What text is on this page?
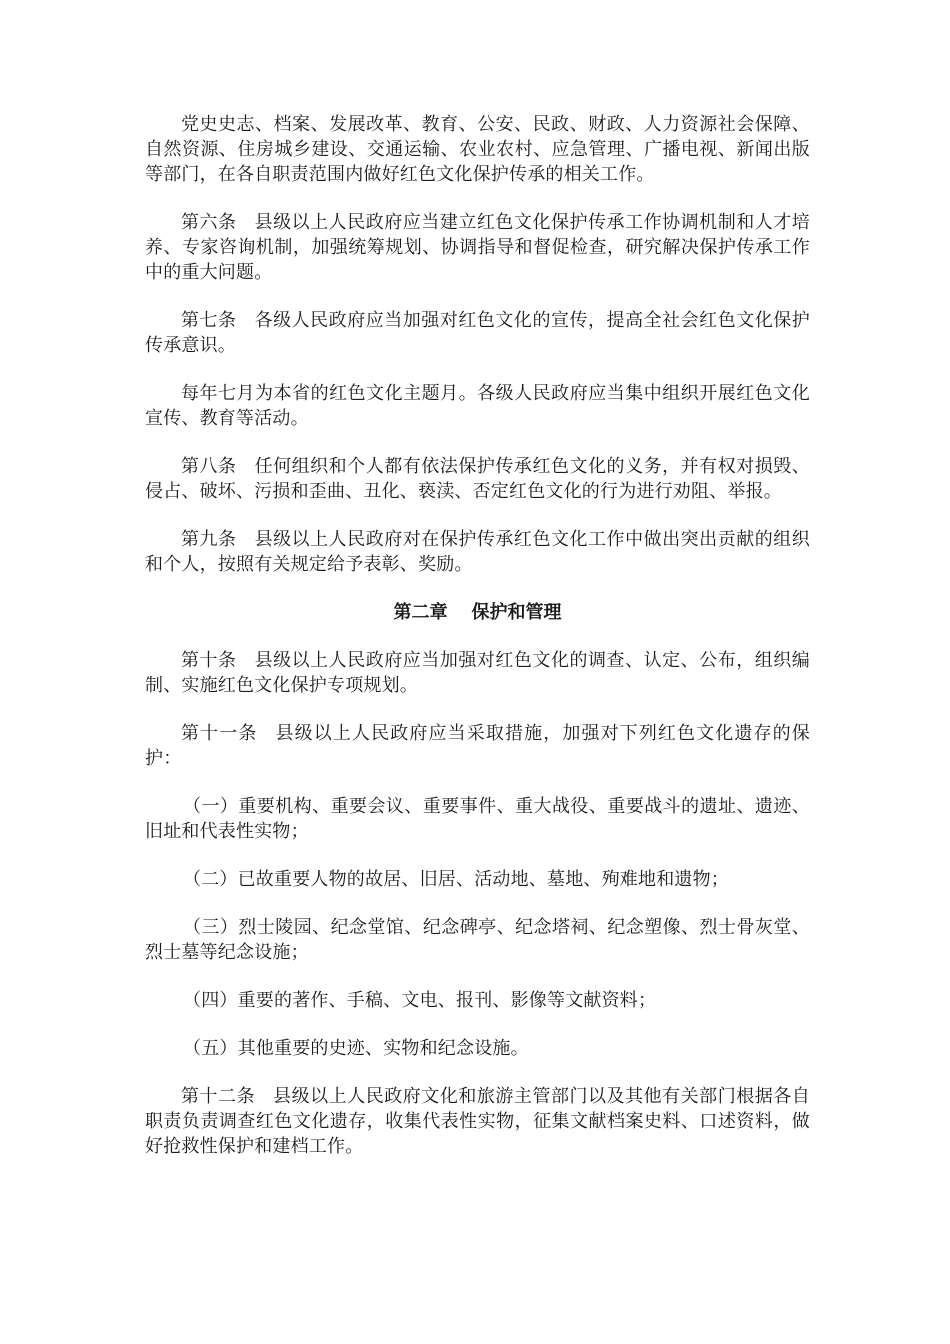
党史史志、档案、发展改革、教育、公安、民政、财政、人力资源社会保障、自然资源、住房城乡建设、交通运输、农业农村、应急管理、广播电视、新闻出版等部门，在各自职责范围内做好红色文化保护传承的相关工作。

第六条 县级以上人民政府应当建立红色文化保护传承工作协调机制和人才培养、专家咨询机制，加强统筹规划、协调指导和督促检查，研究解决保护传承工作中的重大问题。

第七条 各级人民政府应当加强对红色文化的宣传，提高全社会红色文化保护传承意识。

每年七月为本省的红色文化主题月。各级人民政府应当集中组织开展红色文化宣传、教育等活动。

第八条 任何组织和个人都有依法保护传承红色文化的义务，并有权对损毁、侵占、破坏、污损和歪曲、丑化、亵渎、否定红色文化的行为进行劝阻、举报。

第九条 县级以上人民政府对在保护传承红色文化工作中做出突出贡献的组织和个人，按照有关规定给予表彰、奖励。

第二章 保护和管理

第十条 县级以上人民政府应当加强对红色文化的调查、认定、公布，组织编制、实施红色文化保护专项规划。

第十一条 县级以上人民政府应当采取措施，加强对下列红色文化遗存的保护：

（一）重要机构、重要会议、重要事件、重大战役、重要战斗的遗址、遗迹、旧址和代表性实物；

（二）已故重要人物的故居、旧居、活动地、墓地、殉难地和遗物；

（三）烈士陵园、纪念堂馆、纪念碑亭、纪念塔祠、纪念塑像、烈士骨灰堂、烈士墓等纪念设施；

（四）重要的著作、手稿、文电、报刊、影像等文献资料；

（五）其他重要的史迹、实物和纪念设施。

第十二条 县级以上人民政府文化和旅游主管部门以及其他有关部门根据各自职责负责调查红色文化遗存，收集代表性实物，征集文献档案史料、口述资料，做好抢救性保护和建档工作。
